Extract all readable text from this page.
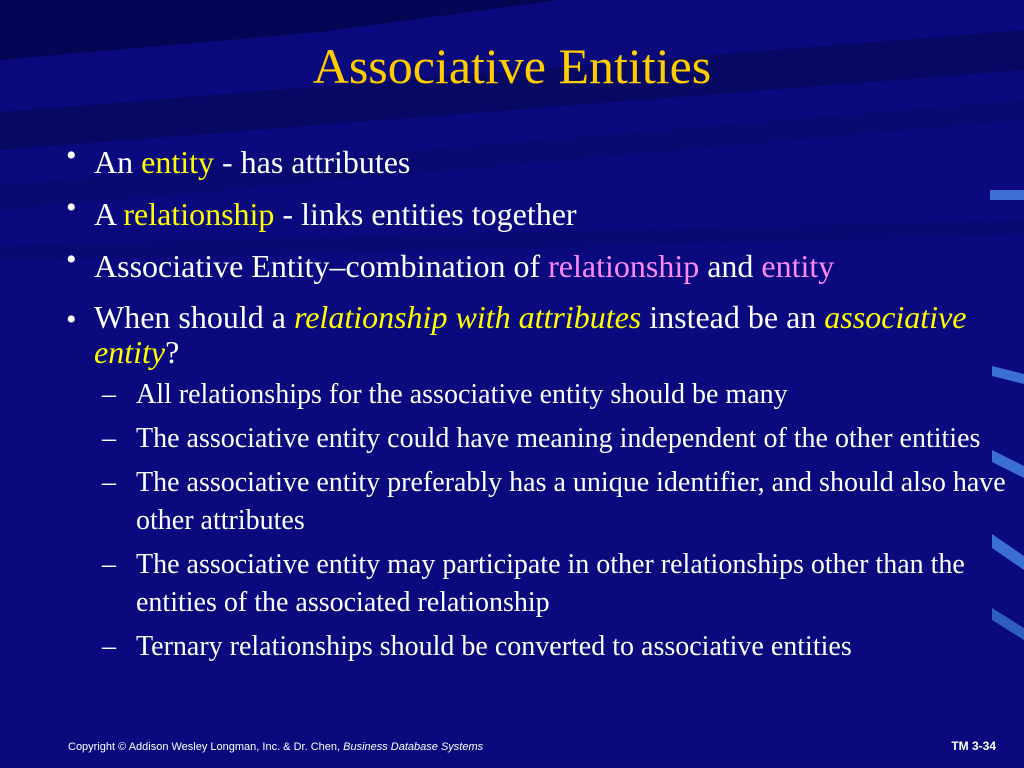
Associative Entities
• An entity - has attributes
• A relationship - links entities together
• Associative Entity–combination of relationship and entity
• When should a relationship with attributes instead be an associative entity?
– All relationships for the associative entity should be many
– The associative entity could have meaning independent of the other entities
– The associative entity preferably has a unique identifier, and should also have other attributes
– The associative entity may participate in other relationships other than the entities of the associated relationship
– Ternary relationships should be converted to associative entities
Copyright © Addison Wesley Longman, Inc. & Dr. Chen, Business Database Systems	TM 3-34
